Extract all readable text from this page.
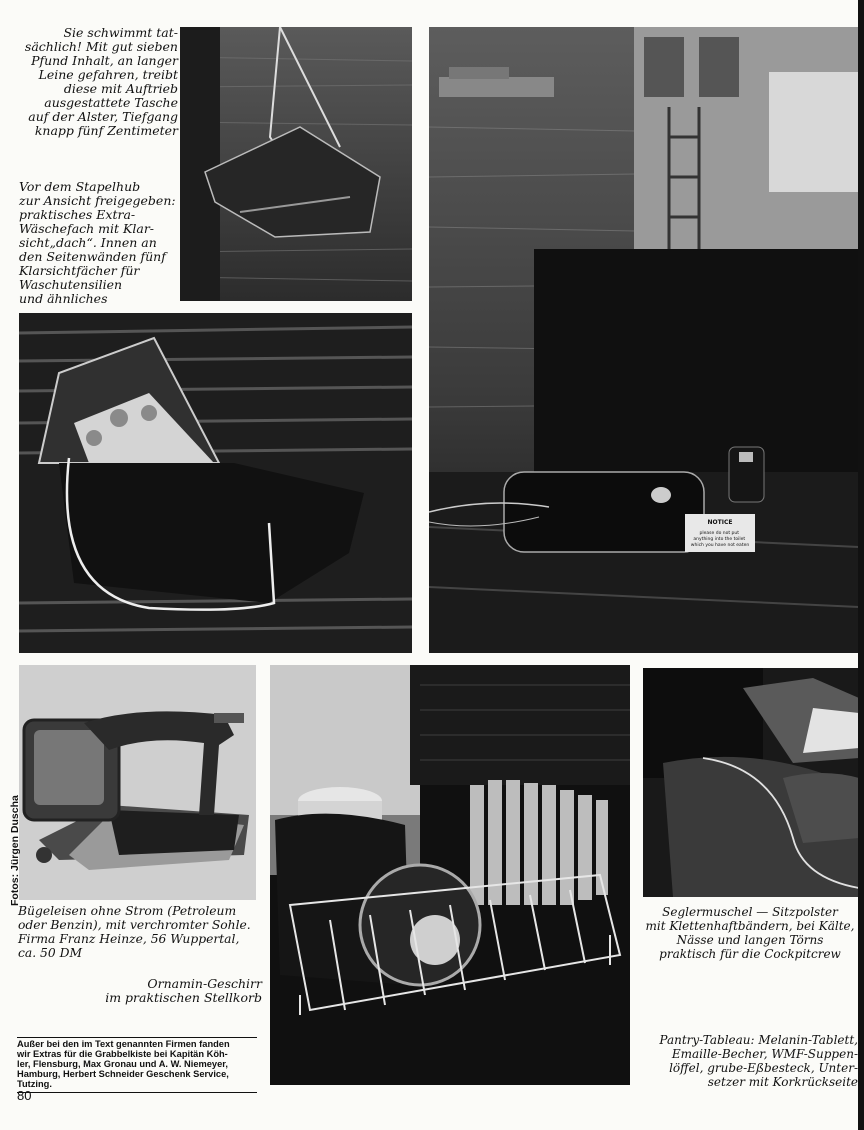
NOTICE
please do not put anything into the toilet which you have not eaten

Sie schwimmt tat-
sächlich! Mit gut sieben
Pfund Inhalt, an langer
Leine gefahren, treibt
diese mit Auftrieb
ausgestattete Tasche
auf der Alster, Tiefgang
knapp fünf Zentimeter

Vor dem Stapelhub
zur Ansicht freigegeben:
praktisches Extra-
Wäschefach mit Klar-
sicht„dach“. Innen an
den Seitenwänden fünf
Klarsichtfächer für
Waschutensilien
und ähnliches

Bügeleisen ohne Strom (Petroleum
oder Benzin), mit verchromter Sohle.
Firma Franz Heinze, 56 Wuppertal,
ca. 50 DM

Ornamin-Geschirr
im praktischen Stellkorb

Seglermuschel — Sitzpolster
mit Klettenhaftbändern, bei Kälte,
Nässe und langen Törns
praktisch für die Cockpitcrew

Pantry-Tableau: Melanin-Tablett,
Emaille-Becher, WMF-Suppen-
löffel, grube-Eßbesteck, Unter-
setzer mit Korkrückseite

Fotos: Jürgen Duscha
Außer bei den im Text genannten Firmen fanden
wir Extras für die Grabbelkiste bei Kapitän Köh-
ler, Flensburg, Max Gronau und A. W. Niemeyer,
Hamburg, Herbert Schneider Geschenk Service,
Tutzing.
80
